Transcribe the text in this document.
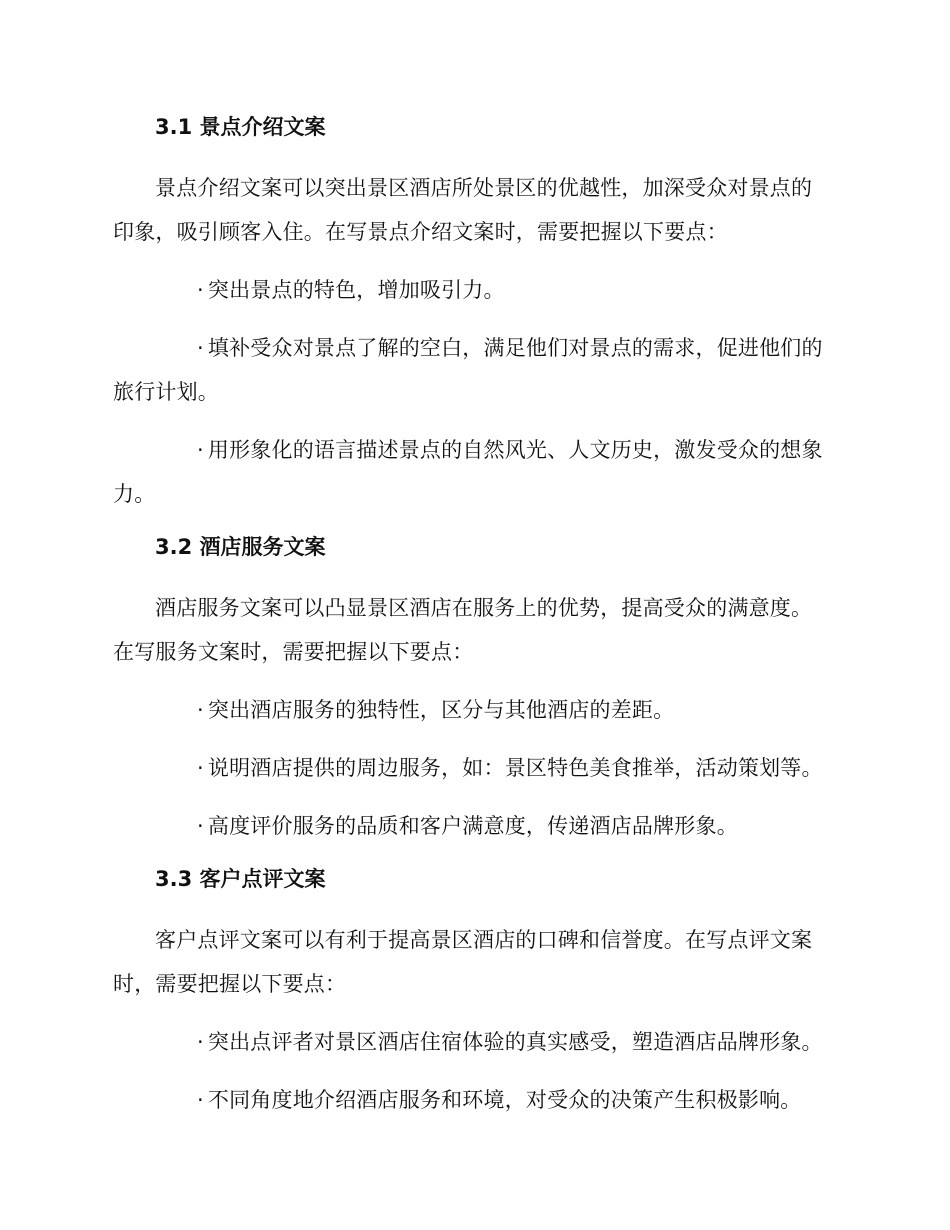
3.1 景点介绍文案
景点介绍文案可以突出景区酒店所处景区的优越性，加深受众对景点的印象，吸引顾客入住。在写景点介绍文案时，需要把握以下要点：
· 突出景点的特色，增加吸引力。
· 填补受众对景点了解的空白，满足他们对景点的需求，促进他们的旅行计划。
· 用形象化的语言描述景点的自然风光、人文历史，激发受众的想象力。
3.2 酒店服务文案
酒店服务文案可以凸显景区酒店在服务上的优势，提高受众的满意度。在写服务文案时，需要把握以下要点：
· 突出酒店服务的独特性，区分与其他酒店的差距。
· 说明酒店提供的周边服务，如：景区特色美食推举，活动策划等。
· 高度评价服务的品质和客户满意度，传递酒店品牌形象。
3.3 客户点评文案
客户点评文案可以有利于提高景区酒店的口碑和信誉度。在写点评文案时，需要把握以下要点：
· 突出点评者对景区酒店住宿体验的真实感受，塑造酒店品牌形象。
· 不同角度地介绍酒店服务和环境，对受众的决策产生积极影响。
